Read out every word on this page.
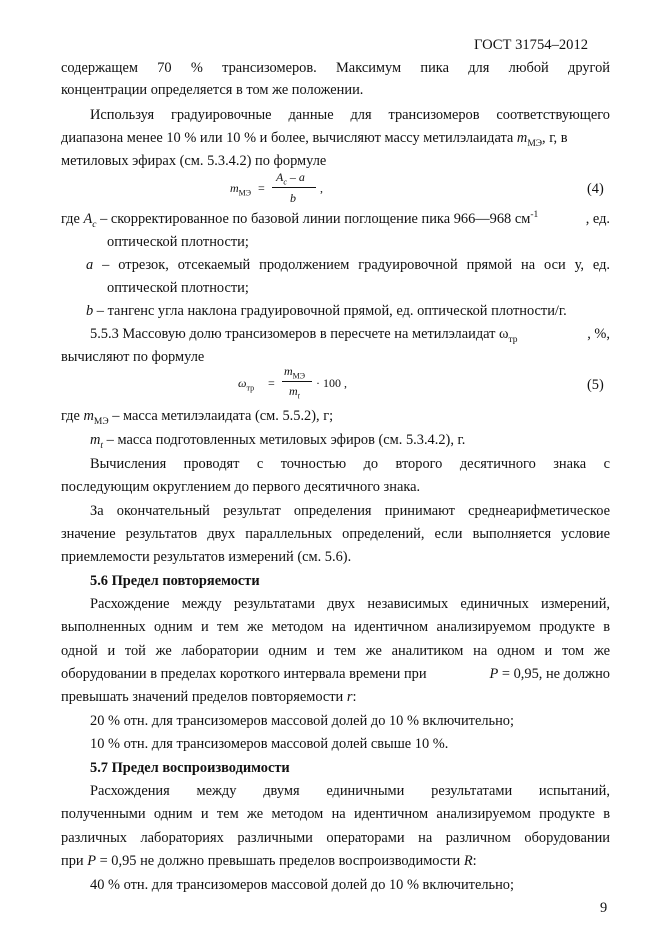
ГОСТ 31754–2012
содержащем 70 % трансизомеров. Максимум пика для любой другой
концентрации определяется в том же положении.
Используя градуировочные данные для трансизомеров соответствующего
диапазона менее 10 % или 10 % и более, вычисляют массу метилэлаидата $m_{МЭ}$, г, в
метиловых эфирах (см. 5.3.4.2) по формуле
$m_{МЭ}$ =
$A_c$ – a
b
,	(4)
где $A_c$ – скорректированное по базовой линии поглощение пика 966—968 $см^{-1}$	, ед.
оптической плотности;
a – отрезок, отсекаемый продолжением градуировочной прямой на оси у, ед.
оптической плотности;
b – тангенс угла наклона градуировочной прямой, ед. оптической плотности/г.
5.5.3 Массовую долю трансизомеров в пересчете на метилэлаидат $\omega_{тр}$	, %,
вычисляют по формуле
$\omega_{тр}$ =
$m_{МЭ}$
$m_t$
· 100 ,	(5)
где $m_{МЭ}$ – масса метилэлаидата (см. 5.5.2), г;
$m_t$ – масса подготовленных метиловых эфиров (см. 5.3.4.2), г.
Вычисления проводят с точностью до второго десятичного знака с
последующим округлением до первого десятичного знака.
За окончательный результат определения принимают среднеарифметическое
значение результатов двух параллельных определений, если выполняется условие
приемлемости результатов измерений (см. 5.6).
5.6 Предел повторяемости
Расхождение между результатами двух независимых единичных измерений,
выполненных одним и тем же методом на идентичном анализируемом продукте в
одной и той же лаборатории одним и тем же аналитиком на одном и том же
оборудовании в пределах короткого интервала времени при	P = 0,95, не должно
превышать значений пределов повторяемости r:
20 % отн. для трансизомеров массовой долей до 10 % включительно;
10 % отн. для трансизомеров массовой долей свыше 10 %.
5.7 Предел воспроизводимости
Расхождения между двумя единичными результатами испытаний,
полученными одним и тем же методом на идентичном анализируемом продукте в
различных лабораториях различными операторами на различном оборудовании
при P = 0,95 не должно превышать пределов воспроизводимости R:
40 % отн. для трансизомеров массовой долей до 10 % включительно;
9
